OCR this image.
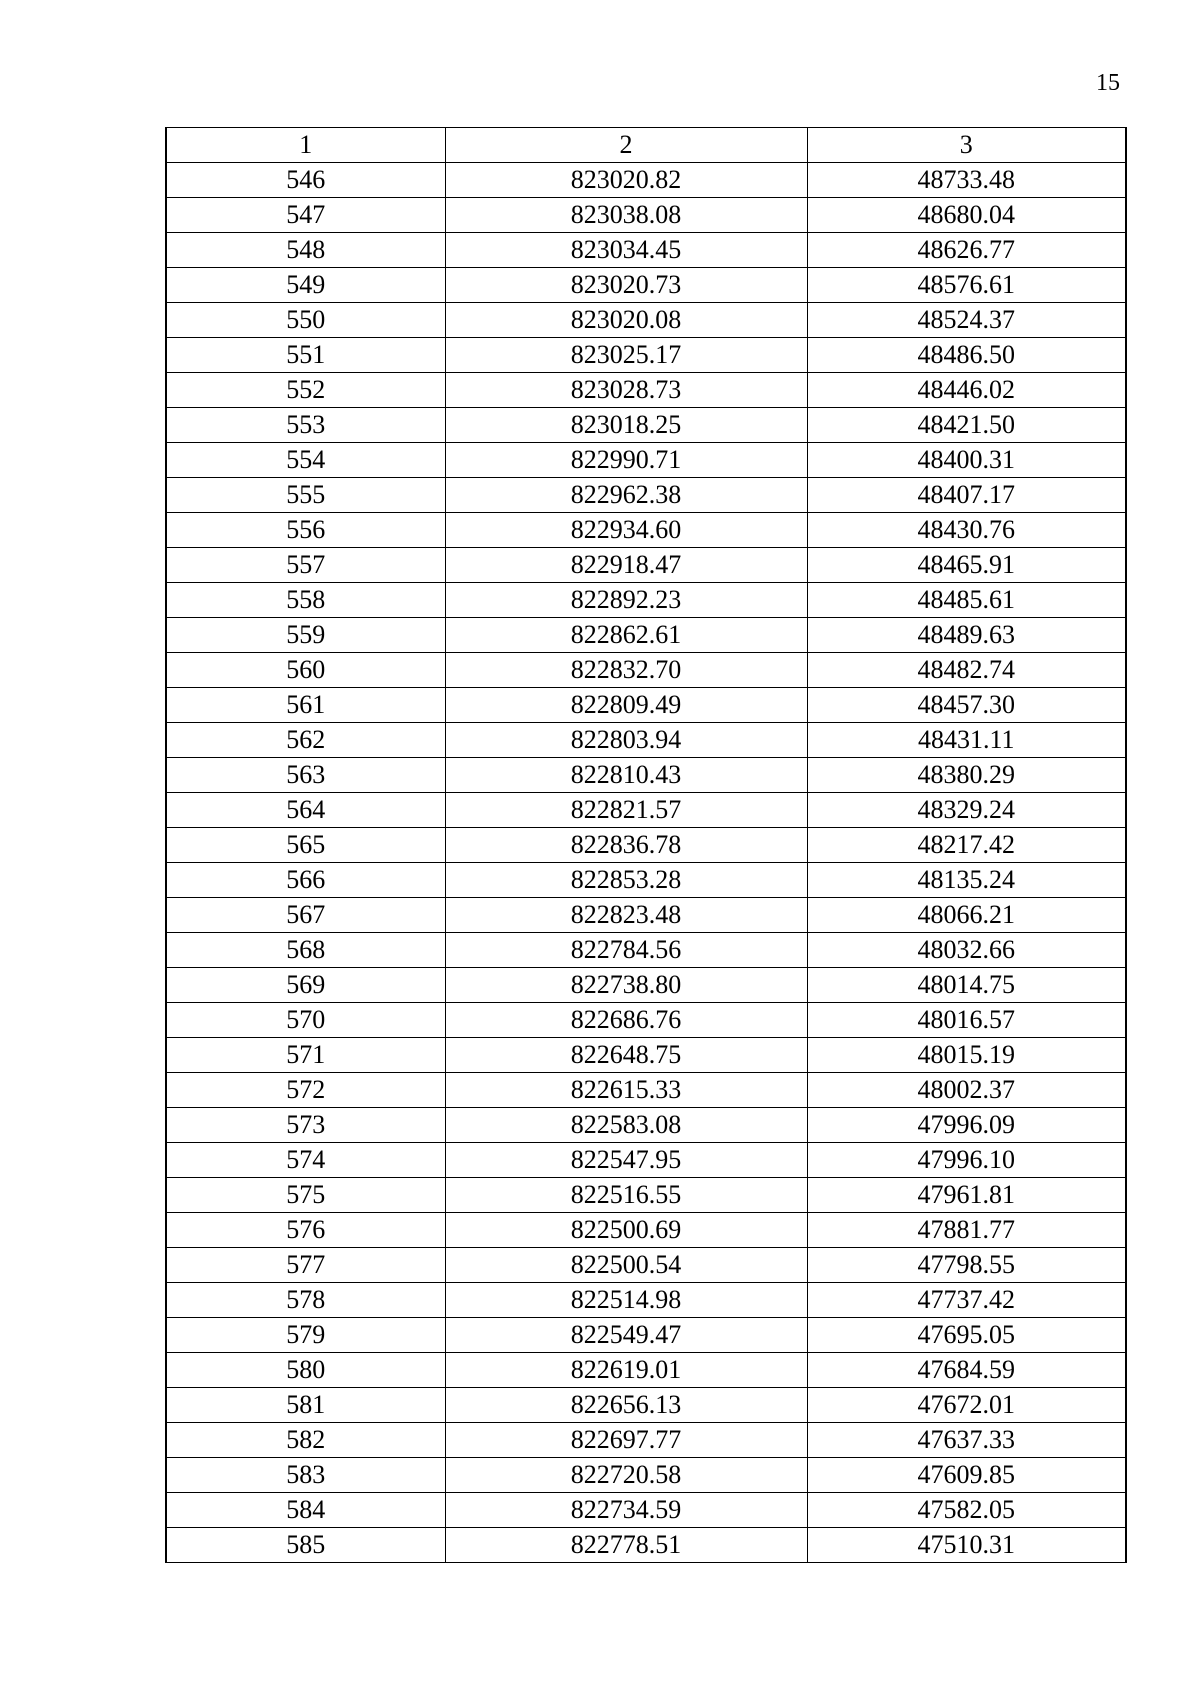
15
1	2	3
546	823020.82	48733.48
547	823038.08	48680.04
548	823034.45	48626.77
549	823020.73	48576.61
550	823020.08	48524.37
551	823025.17	48486.50
552	823028.73	48446.02
553	823018.25	48421.50
554	822990.71	48400.31
555	822962.38	48407.17
556	822934.60	48430.76
557	822918.47	48465.91
558	822892.23	48485.61
559	822862.61	48489.63
560	822832.70	48482.74
561	822809.49	48457.30
562	822803.94	48431.11
563	822810.43	48380.29
564	822821.57	48329.24
565	822836.78	48217.42
566	822853.28	48135.24
567	822823.48	48066.21
568	822784.56	48032.66
569	822738.80	48014.75
570	822686.76	48016.57
571	822648.75	48015.19
572	822615.33	48002.37
573	822583.08	47996.09
574	822547.95	47996.10
575	822516.55	47961.81
576	822500.69	47881.77
577	822500.54	47798.55
578	822514.98	47737.42
579	822549.47	47695.05
580	822619.01	47684.59
581	822656.13	47672.01
582	822697.77	47637.33
583	822720.58	47609.85
584	822734.59	47582.05
585	822778.51	47510.31
